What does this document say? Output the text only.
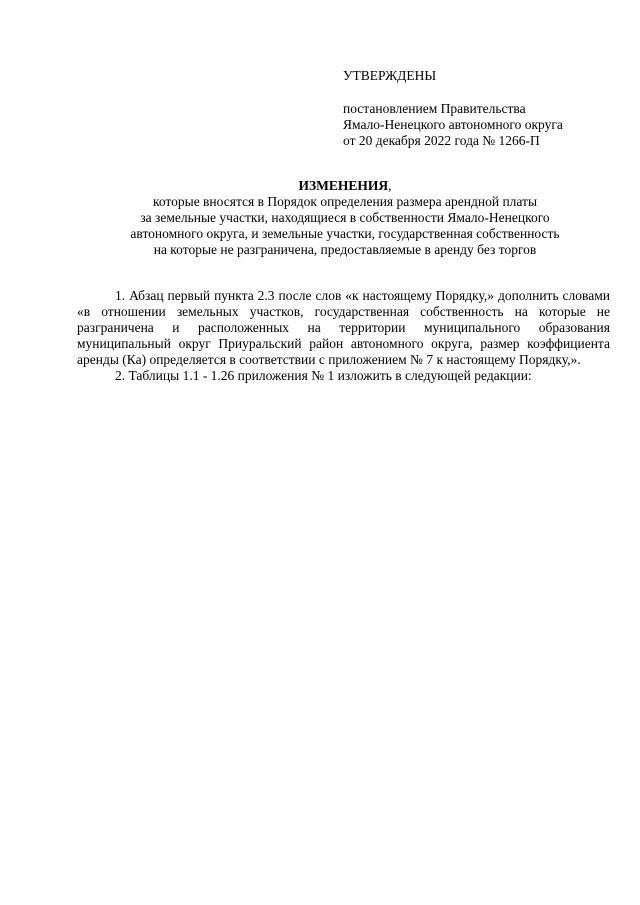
УТВЕРЖДЕНЫ
постановлением Правительства
Ямало-Ненецкого автономного округа
от 20 декабря 2022 года № 1266-П
ИЗМЕНЕНИЯ,
которые вносятся в Порядок определения размера арендной платы
за земельные участки, находящиеся в собственности Ямало-Ненецкого
автономного округа, и земельные участки, государственная собственность
на которые не разграничена, предоставляемые в аренду без торгов

1. Абзац первый пункта 2.3 после слов «к настоящему Порядку,» дополнить словами «в отношении земельных участков, государственная собственность на которые не разграничена и расположенных на территории муниципального образования муниципальный округ Приуральский район автономного округа, размер коэффициента аренды (Ка) определяется в соответствии с приложением № 7 к настоящему Порядку,».

2. Таблицы 1.1 - 1.26 приложения № 1 изложить в следующей редакции:
